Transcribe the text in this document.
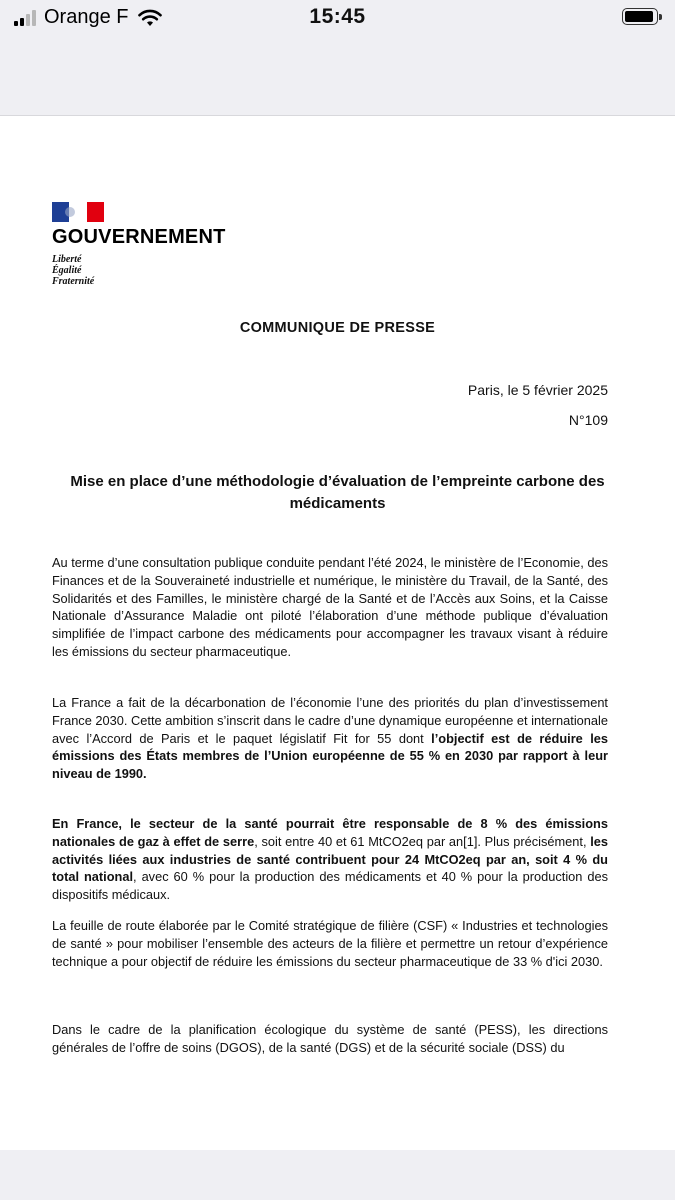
Orange F	15:45
GOUVERNEMENT
Liberté
Égalité
Fraternité
COMMUNIQUE DE PRESSE
Paris, le 5 février 2025
N°109
Mise en place d’une méthodologie d’évaluation de l’empreinte carbone des médicaments

Au terme d’une consultation publique conduite pendant l’été 2024, le ministère de l’Economie, des Finances et de la Souveraineté industrielle et numérique, le ministère du Travail, de la Santé, des Solidarités et des Familles, le ministère chargé de la Santé et de l’Accès aux Soins, et la Caisse Nationale d’Assurance Maladie ont piloté l’élaboration d’une méthode publique d’évaluation simplifiée de l’impact carbone des médicaments pour accompagner les travaux visant à réduire les émissions du secteur pharmaceutique.

La France a fait de la décarbonation de l’économie l’une des priorités du plan d’investissement France 2030. Cette ambition s’inscrit dans le cadre d’une dynamique européenne et internationale avec l’Accord de Paris et le paquet législatif Fit for 55 dont l’objectif est de réduire les émissions des États membres de l’Union européenne de 55 % en 2030 par rapport à leur niveau de 1990.

En France, le secteur de la santé pourrait être responsable de 8 % des émissions nationales de gaz à effet de serre, soit entre 40 et 61 MtCO2eq par an[1]. Plus précisément, les activités liées aux industries de santé contribuent pour 24 MtCO2eq par an, soit 4 % du total national, avec 60 % pour la production des médicaments et 40 % pour la production des dispositifs médicaux.

La feuille de route élaborée par le Comité stratégique de filière (CSF) « Industries et technologies de santé » pour mobiliser l’ensemble des acteurs de la filière et permettre un retour d’expérience technique a pour objectif de réduire les émissions du secteur pharmaceutique de 33 % d'ici 2030.

Dans le cadre de la planification écologique du système de santé (PESS), les directions générales de l’offre de soins (DGOS), de la santé (DGS) et de la sécurité sociale (DSS) du
